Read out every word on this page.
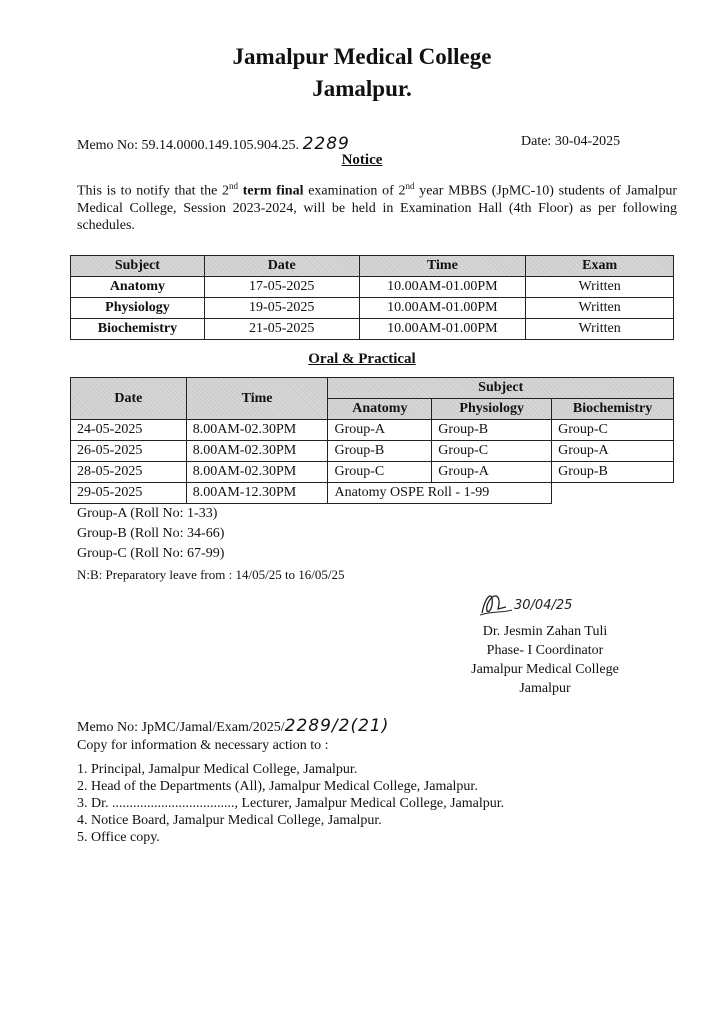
Jamalpur Medical College
Jamalpur.
Memo No: 59.14.0000.149.105.904.25. 2289	Date: 30-04-2025
Notice
This is to notify that the 2nd term final examination of 2nd year MBBS (JpMC-10) students of Jamalpur Medical College, Session 2023-2024, will be held in Examination Hall (4th Floor) as per following schedules.
Subject	Date	Time	Exam
Anatomy	17-05-2025	10.00AM-01.00PM	Written
Physiology	19-05-2025	10.00AM-01.00PM	Written
Biochemistry	21-05-2025	10.00AM-01.00PM	Written
Oral & Practical
Date	Time	Subject		
		Anatomy	Physiology	Biochemistry
24-05-2025	8.00AM-02.30PM	Group-A	Group-B	Group-C
26-05-2025	8.00AM-02.30PM	Group-B	Group-C	Group-A
28-05-2025	8.00AM-02.30PM	Group-C	Group-A	Group-B
29-05-2025	8.00AM-12.30PM	Anatomy OSPE Roll - 1-99		
Group-A (Roll No: 1-33)
Group-B (Roll No: 34-66)
Group-C (Roll No: 67-99)
N:B: Preparatory leave from : 14/05/25 to 16/05/25
30/04/25
Dr. Jesmin Zahan Tuli
Phase- I Coordinator
Jamalpur Medical College
Jamalpur
Memo No: JpMC/Jamal/Exam/2025/2289/2(21)
Copy for information & necessary action to :
1. Principal, Jamalpur Medical College, Jamalpur.
2. Head of the Departments (All), Jamalpur Medical College, Jamalpur.
3. Dr. ..................................., Lecturer, Jamalpur Medical College, Jamalpur.
4. Notice Board, Jamalpur Medical College, Jamalpur.
5. Office copy.
